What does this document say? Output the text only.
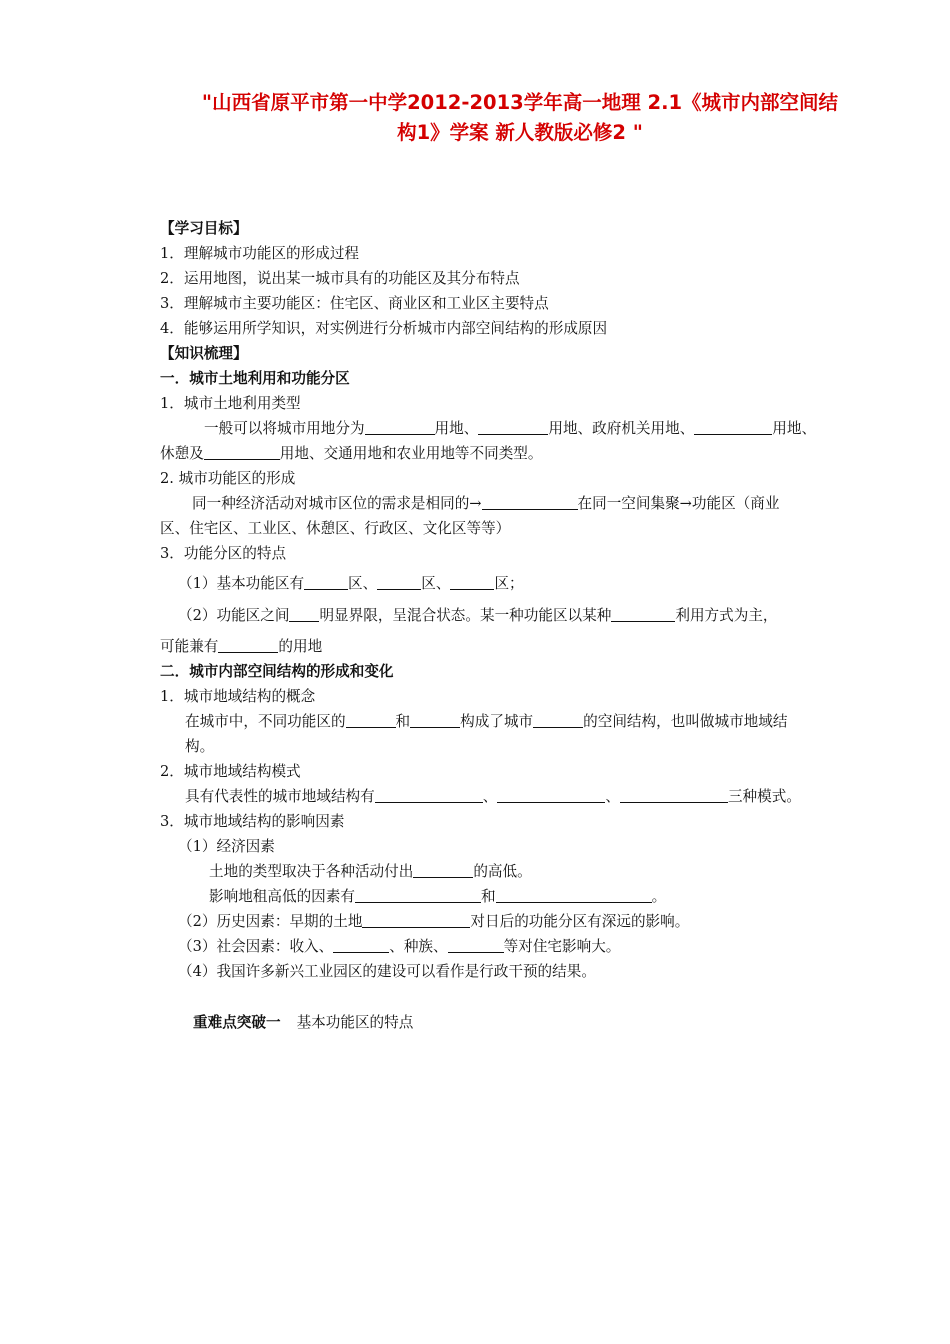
"山西省原平市第一中学2012-2013学年高一地理 2.1《城市内部空间结
构1》学案 新人教版必修2 "
【学习目标】
1．理解城市功能区的形成过程
2．运用地图，说出某一城市具有的功能区及其分布特点
3．理解城市主要功能区：住宅区、商业区和工业区主要特点
4．能够运用所学知识，对实例进行分析城市内部空间结构的形成原因
【知识梳理】
一．城市土地利用和功能分区
1．城市土地利用类型
一般可以将城市用地分为	用地、	用地、政府机关用地、	用地、
休憩及	用地、交通用地和农业用地等不同类型。
2. 城市功能区的形成
同一种经济活动对城市区位的需求是相同的→	在同一空间集聚→功能区（商业
区、住宅区、工业区、休憩区、行政区、文化区等等）
3．功能分区的特点
（1）基本功能区有	区、	区、	区；
（2）功能区之间 明显界限，呈混合状态。某一种功能区以某种	利用方式为主，
可能兼有	的用地
二．城市内部空间结构的形成和变化
1．城市地域结构的概念
在城市中，不同功能区的	和	构成了城市	的空间结构，也叫做城市地域结
构。
2．城市地域结构模式
具有代表性的城市地域结构有	、	、	三种模式。
3．城市地域结构的影响因素
（1）经济因素
土地的类型取决于各种活动付出	的高低。
影响地租高低的因素有	和	。
（2）历史因素：早期的土地	对日后的功能分区有深远的影响。
（3）社会因素：收入、	、种族、	等对住宅影响大。
（4）我国许多新兴工业园区的建设可以看作是行政干预的结果。
重难点突破一 基本功能区的特点
